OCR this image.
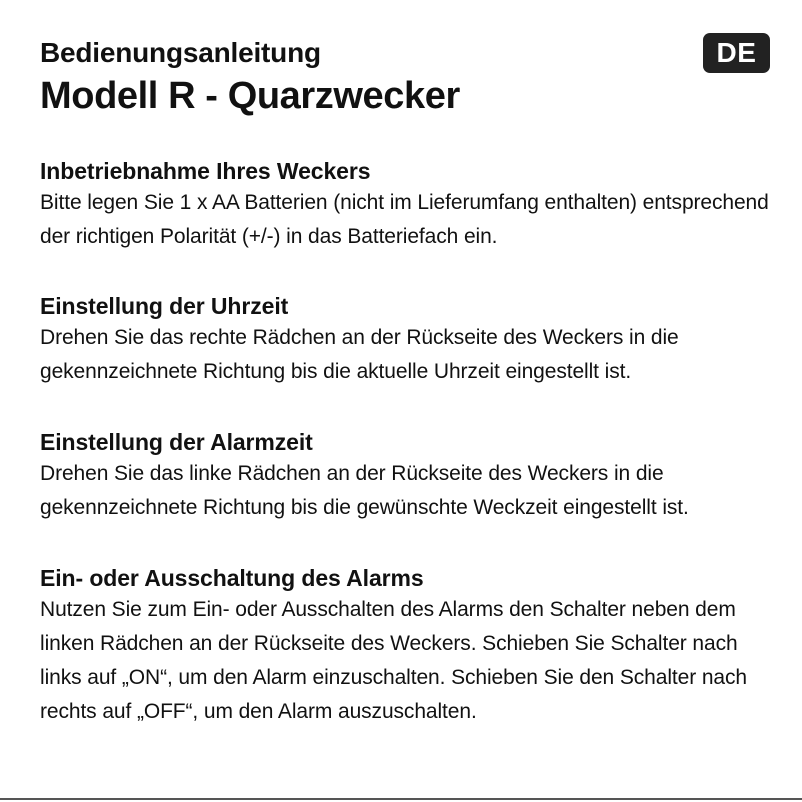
Bedienungsanleitung
Modell R - Quarzwecker
DE
Inbetriebnahme Ihres Weckers

Bitte legen Sie 1 x AA Batterien (nicht im Lieferumfang enthalten) entsprechend der richtigen Polarität (+/-) in das Batteriefach ein.

Einstellung der Uhrzeit

Drehen Sie das rechte Rädchen an der Rückseite des Weckers in die gekennzeichnete Richtung bis die aktuelle Uhrzeit eingestellt ist.

Einstellung der Alarmzeit

Drehen Sie das linke Rädchen an der Rückseite des Weckers in die gekennzeichnete Richtung bis die gewünschte Weckzeit eingestellt ist.

Ein- oder Ausschaltung des Alarms

Nutzen Sie zum Ein- oder Ausschalten des Alarms den Schalter neben dem linken Rädchen an der Rückseite des Weckers. Schieben Sie Schalter nach links auf „ON“, um den Alarm einzuschalten. Schieben Sie den Schalter nach rechts auf „OFF“, um den Alarm auszuschalten.
